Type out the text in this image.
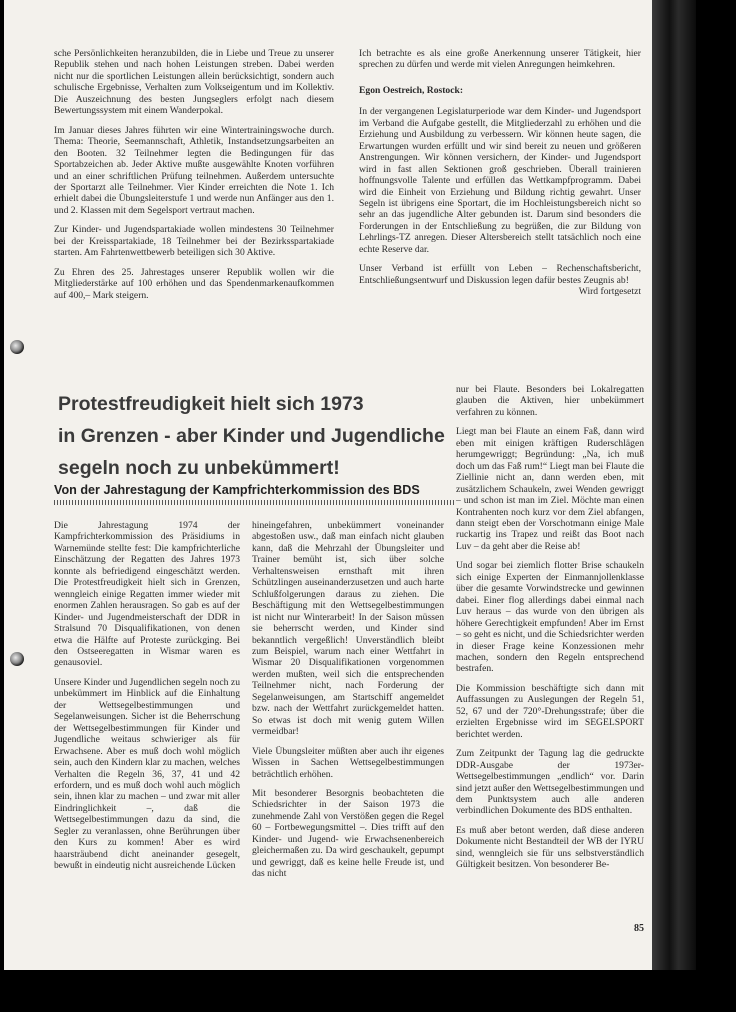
sche Persönlichkeiten heranzubilden, die in Liebe und Treue zu unserer Republik stehen und nach hohen Leistungen streben. Dabei werden nicht nur die sportlichen Leistungen allein berücksichtigt, sondern auch schulische Ergebnisse, Verhalten zum Volkseigentum und im Kollektiv. Die Auszeichnung des besten Jungseglers erfolgt nach diesem Bewertungssystem mit einem Wanderpokal.

Im Januar dieses Jahres führten wir eine Wintertrainingswoche durch. Thema: Theorie, Seemannschaft, Athletik, Instandsetzungsarbeiten an den Booten. 32 Teilnehmer legten die Bedingungen für das Sportabzeichen ab. Jeder Aktive mußte ausgewählte Knoten vorführen und an einer schriftlichen Prüfung teilnehmen. Außerdem untersuchte der Sportarzt alle Teilnehmer. Vier Kinder erreichten die Note 1. Ich erhielt dabei die Übungsleiterstufe 1 und werde nun Anfänger aus den 1. und 2. Klassen mit dem Segelsport vertraut machen.

Zur Kinder- und Jugendspartakiade wollen mindestens 30 Teilnehmer bei der Kreisspartakiade, 18 Teilnehmer bei der Bezirksspartakiade starten. Am Fahrtenwettbewerb beteiligen sich 30 Aktive.

Zu Ehren des 25. Jahrestages unserer Republik wollen wir die Mitgliederstärke auf 100 erhöhen und das Spendenmarkenaufkommen auf 400,– Mark steigern.

Ich betrachte es als eine große Anerkennung unserer Tätigkeit, hier sprechen zu dürfen und werde mit vielen Anregungen heimkehren.

Egon Oestreich, Rostock:

In der vergangenen Legislaturperiode war dem Kinder- und Jugendsport im Verband die Aufgabe gestellt, die Mitgliederzahl zu erhöhen und die Erziehung und Ausbildung zu verbessern. Wir können heute sagen, die Erwartungen wurden erfüllt und wir sind bereit zu neuen und größeren Anstrengungen. Wir können versichern, der Kinder- und Jugendsport wird in fast allen Sektionen groß geschrieben. Überall trainieren hoffnungsvolle Talente und erfüllen das Wettkampfprogramm. Dabei wird die Einheit von Erziehung und Bildung richtig gewahrt. Unser Segeln ist übrigens eine Sportart, die im Hochleistungsbereich nicht so sehr an das jugendliche Alter gebunden ist. Darum sind besonders die Forderungen in der Entschließung zu begrüßen, die zur Bildung von Lehrlings-TZ anregen. Dieser Altersbereich stellt tatsächlich noch eine echte Reserve dar.

Unser Verband ist erfüllt von Leben – Rechenschaftsbericht, Entschließungsentwurf und Diskussion legen dafür bestes Zeugnis ab!

Wird fortgesetzt

Protestfreudigkeit hielt sich 1973
in Grenzen - aber Kinder und Jugendliche
segeln noch zu unbekümmert!
Von der Jahrestagung der Kampfrichterkommission des BDS

Die Jahrestagung 1974 der Kampfrichterkommission des Präsidiums in Warnemünde stellte fest: Die kampfrichterliche Einschätzung der Regatten des Jahres 1973 konnte als befriedigend eingeschätzt werden. Die Protestfreudigkeit hielt sich in Grenzen, wenngleich einige Regatten immer wieder mit enormen Zahlen herausragen. So gab es auf der Kinder- und Jugendmeisterschaft der DDR in Stralsund 70 Disqualifikationen, von denen etwa die Hälfte auf Proteste zurückging. Bei den Ostseeregatten in Wismar waren es genausoviel.

Unsere Kinder und Jugendlichen segeln noch zu unbekümmert im Hinblick auf die Einhaltung der Wettsegelbestimmungen und Segelanweisungen. Sicher ist die Beherrschung der Wettsegelbestimmungen für Kinder und Jugendliche weitaus schwieriger als für Erwachsene. Aber es muß doch wohl möglich sein, auch den Kindern klar zu machen, welches Verhalten die Regeln 36, 37, 41 und 42 erfordern, und es muß doch wohl auch möglich sein, ihnen klar zu machen – und zwar mit aller Eindringlichkeit –, daß die Wettsegelbestimmungen dazu da sind, die Segler zu veranlassen, ohne Berührungen über den Kurs zu kommen! Aber es wird haarsträubend dicht aneinander gesegelt, bewußt in eindeutig nicht ausreichende Lücken

hineingefahren, unbekümmert voneinander abgestoßen usw., daß man einfach nicht glauben kann, daß die Mehrzahl der Übungsleiter und Trainer bemüht ist, sich über solche Verhaltensweisen ernsthaft mit ihren Schützlingen auseinanderzusetzen und auch harte Schlußfolgerungen daraus zu ziehen. Die Beschäftigung mit den Wettsegelbestimmungen ist nicht nur Winterarbeit! In der Saison müssen sie beherrscht werden, und Kinder sind bekanntlich vergeßlich! Unverständlich bleibt zum Beispiel, warum nach einer Wettfahrt in Wismar 20 Disqualifikationen vorgenommen werden mußten, weil sich die entsprechenden Teilnehmer nicht, nach Forderung der Segelanweisungen, am Startschiff angemeldet bzw. nach der Wettfahrt zurückgemeldet hatten. So etwas ist doch mit wenig gutem Willen vermeidbar!

Viele Übungsleiter müßten aber auch ihr eigenes Wissen in Sachen Wettsegelbestimmungen beträchtlich erhöhen.

Mit besonderer Besorgnis beobachteten die Schiedsrichter in der Saison 1973 die zunehmende Zahl von Verstößen gegen die Regel 60 – Fortbewegungsmittel –. Dies trifft auf den Kinder- und Jugend- wie Erwachsenenbereich gleichermaßen zu. Da wird geschaukelt, gepumpt und gewriggt, daß es keine helle Freude ist, und das nicht

nur bei Flaute. Besonders bei Lokalregatten glauben die Aktiven, hier unbekümmert verfahren zu können.

Liegt man bei Flaute an einem Faß, dann wird eben mit einigen kräftigen Ruderschlägen herumgewriggt; Begründung: „Na, ich muß doch um das Faß rum!“ Liegt man bei Flaute die Ziellinie nicht an, dann werden eben, mit zusätzlichem Schaukeln, zwei Wenden gewriggt – und schon ist man im Ziel. Möchte man einen Kontrahenten noch kurz vor dem Ziel abfangen, dann steigt eben der Vorschotmann einige Male ruckartig ins Trapez und reißt das Boot nach Luv – da geht aber die Reise ab!

Und sogar bei ziemlich flotter Brise schaukeln sich einige Experten der Einmannjollenklasse über die gesamte Vorwindstrecke und gewinnen dabei. Einer flog allerdings dabei einmal nach Luv heraus – das wurde von den übrigen als höhere Gerechtigkeit empfunden! Aber im Ernst – so geht es nicht, und die Schiedsrichter werden in dieser Frage keine Konzessionen mehr machen, sondern den Regeln entsprechend bestrafen.

Die Kommission beschäftigte sich dann mit Auffassungen zu Auslegungen der Regeln 51, 52, 67 und der 720°-Drehungsstrafe; über die erzielten Ergebnisse wird im SEGELSPORT berichtet werden.

Zum Zeitpunkt der Tagung lag die gedruckte DDR-Ausgabe der 1973er-Wettsegelbestimmungen „endlich“ vor. Darin sind jetzt außer den Wettsegelbestimmungen und dem Punktsystem auch alle anderen verbindlichen Dokumente des BDS enthalten.

Es muß aber betont werden, daß diese anderen Dokumente nicht Bestandteil der WB der IYRU sind, wenngleich sie für uns selbstverständlich Gültigkeit besitzen. Von besonderer Be-

85
